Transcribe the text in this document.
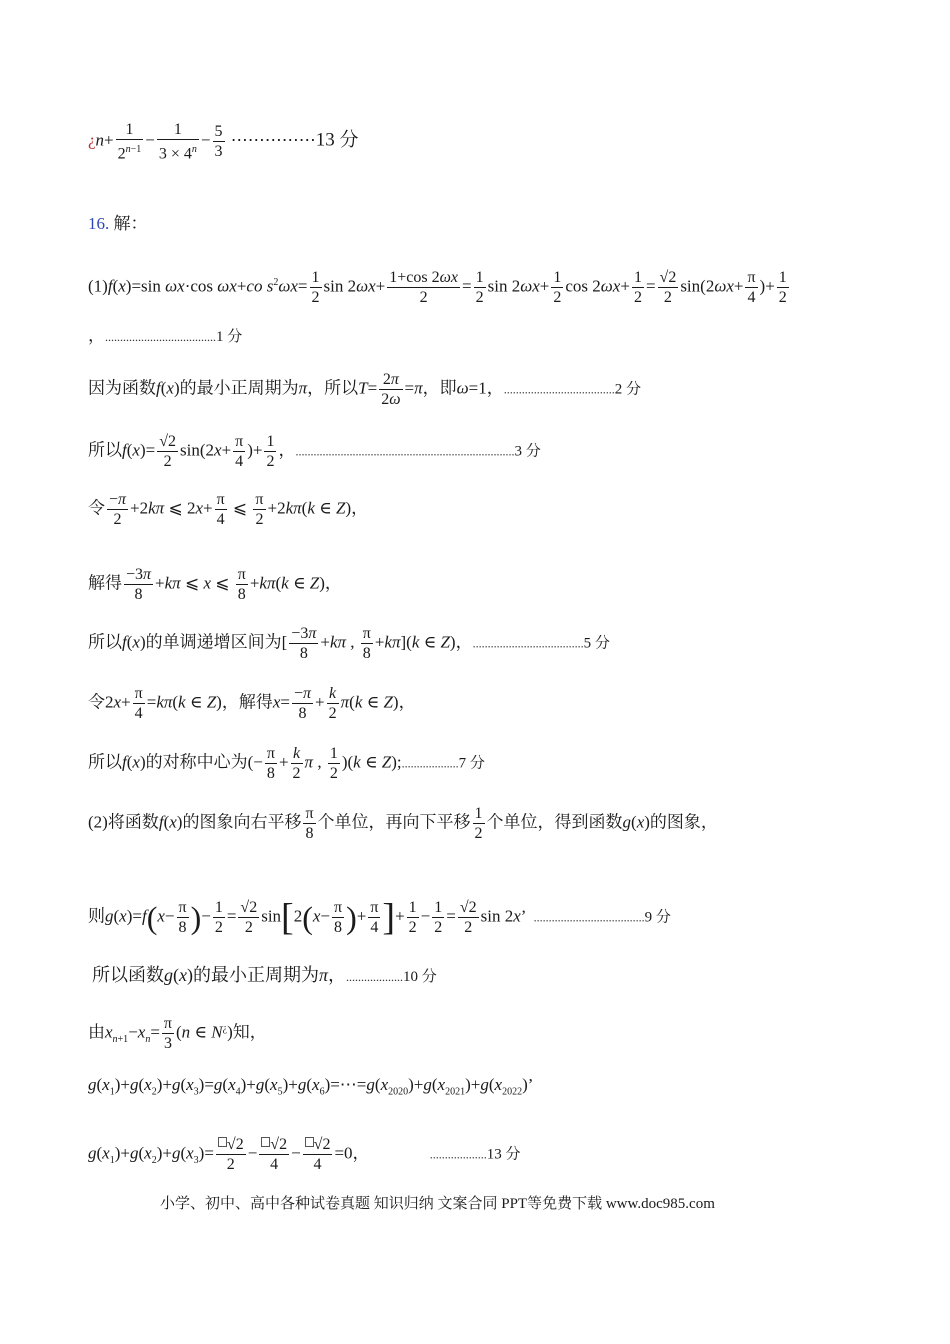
¿$n+ \frac{1}{2^{n-1}} - \frac{1}{3 \times 4^n} - \frac{5}{3}$ ⋯⋯⋯⋯⋯13 分
16. 解：
(1)f(x)=sin ωx·cos ωx+co $s^2\omega x= \frac{1}{2}$ $\sin 2\omega x+ \frac{1+\cos 2\omega x}{2} = \frac{1}{2}$ $\sin 2\omega x+ \frac{1}{2}$ $\cos 2\omega x+ \frac{1}{2} = \frac{√2}{2} \sin(2\omega x+ \frac{\pi}{4}$ )+ $\frac{1}{2}$
，.....................................1 分
因为函数f(x)的最小正周期为π，所以$T= \frac{2\pi}{2\omega} =\pi$，即ω=1，.....................................2 分
所以$f(x)= \frac{√2}{2} \sin(2x+ \frac{\pi}{4}$ )+ $\frac{1}{2}$ ，.........................................................................3 分
令 $\frac{-\pi}{2} +2k\pi$ ⩽ $2x+ \frac{\pi}{4}$ ⩽ $\frac{\pi}{2} +2k\pi(k$ ∈ Z)，
解得 $\frac{-3\pi}{8} +k\pi$ ⩽ x ⩽ $\frac{\pi}{8} +k\pi(k$ ∈ Z)，
所以f(x)的单调递增区间为[ $\frac{-3\pi}{8} +k\pi$ , $\frac{\pi}{8} +k\pi](k$ ∈ Z)，.....................................5 分
令$2x+ \frac{\pi}{4} =k\pi(k$ ∈ Z)，解得$x= \frac{-\pi}{8} + \frac{k}{2} \pi(k$ ∈ Z)，
所以f(x)的对称中心为(− $\frac{\pi}{8} + \frac{k}{2}$ π , $\frac{1}{2} )(k$ ∈ Z);...................7 分
(2)将函数f(x)的图象向右平移 $\frac{\pi}{8}$ 个单位，再向下平移 $\frac{1}{2}$ 个单位，得到函数g(x)的图象，
则$g(x)=f(x- \frac{\pi}{8}$ )− $\frac{1}{2} = \frac{√2}{2} \sin[2(x- \frac{\pi}{8}$ )+ $\frac{\pi}{4}$ ]+ $\frac{1}{2} - \frac{1}{2} = \frac{√2}{2}$ sin 2x’  .....................................9 分
所以函数g(x)的最小正周期为π，...................10 分
由$x_{n+1}-x_n= \frac{\pi}{3} (n$ ∈ N¿)知，
$g(x_1)+g(x_2)+g(x_3)=g(x_4)+g(x_5)+g(x_6)=\cdots=g(x_{2020})+g(x_{2021})+g(x_{2022})$’
$g(x_1)+g(x_2)+g(x_3)= \frac{√2}{2} - \frac{√2}{4} - \frac{√2}{4} =0$，	...................13 分
小学、初中、高中各种试卷真题 知识归纳 文案合同 PPT等免费下载 www.doc985.com
